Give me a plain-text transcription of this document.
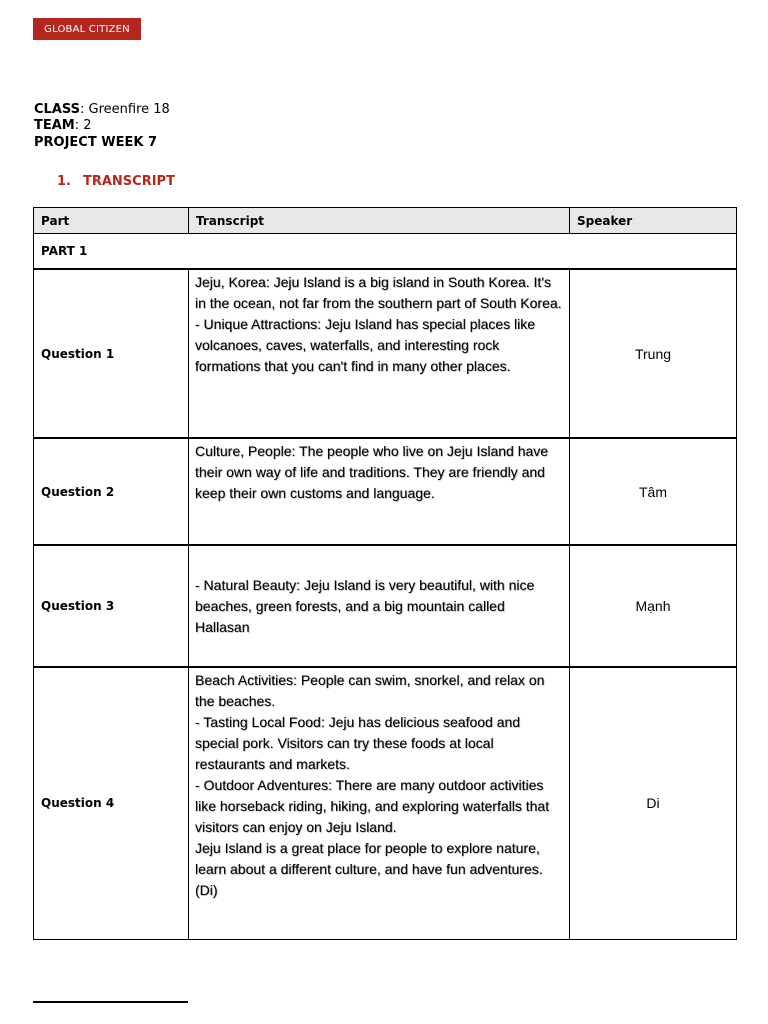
GLOBAL CITIZEN
CLASS: Greenfire 18
TEAM: 2
PROJECT WEEK 7
1. TRANSCRIPT
Part	Transcript	Speaker
PART 1		
Question 1	Jeju, Korea: Jeju Island is a big island in South Korea. It's in the ocean, not far from the southern part of South Korea.
- Unique Attractions: Jeju Island has special places like volcanoes, caves, waterfalls, and interesting rock formations that you can't find in many other places.	Trung
Question 2	Culture, People: The people who live on Jeju Island have their own way of life and traditions. They are friendly and keep their own customs and language.	Tâm
Question 3	- Natural Beauty: Jeju Island is very beautiful, with nice beaches, green forests, and a big mountain called Hallasan	Mạnh
Question 4	Beach Activities: People can swim, snorkel, and relax on the beaches.
- Tasting Local Food: Jeju has delicious seafood and special pork. Visitors can try these foods at local restaurants and markets.
- Outdoor Adventures: There are many outdoor activities like horseback riding, hiking, and exploring waterfalls that visitors can enjoy on Jeju Island.
Jeju Island is a great place for people to explore nature, learn about a different culture, and have fun adventures. (Di)	Di
